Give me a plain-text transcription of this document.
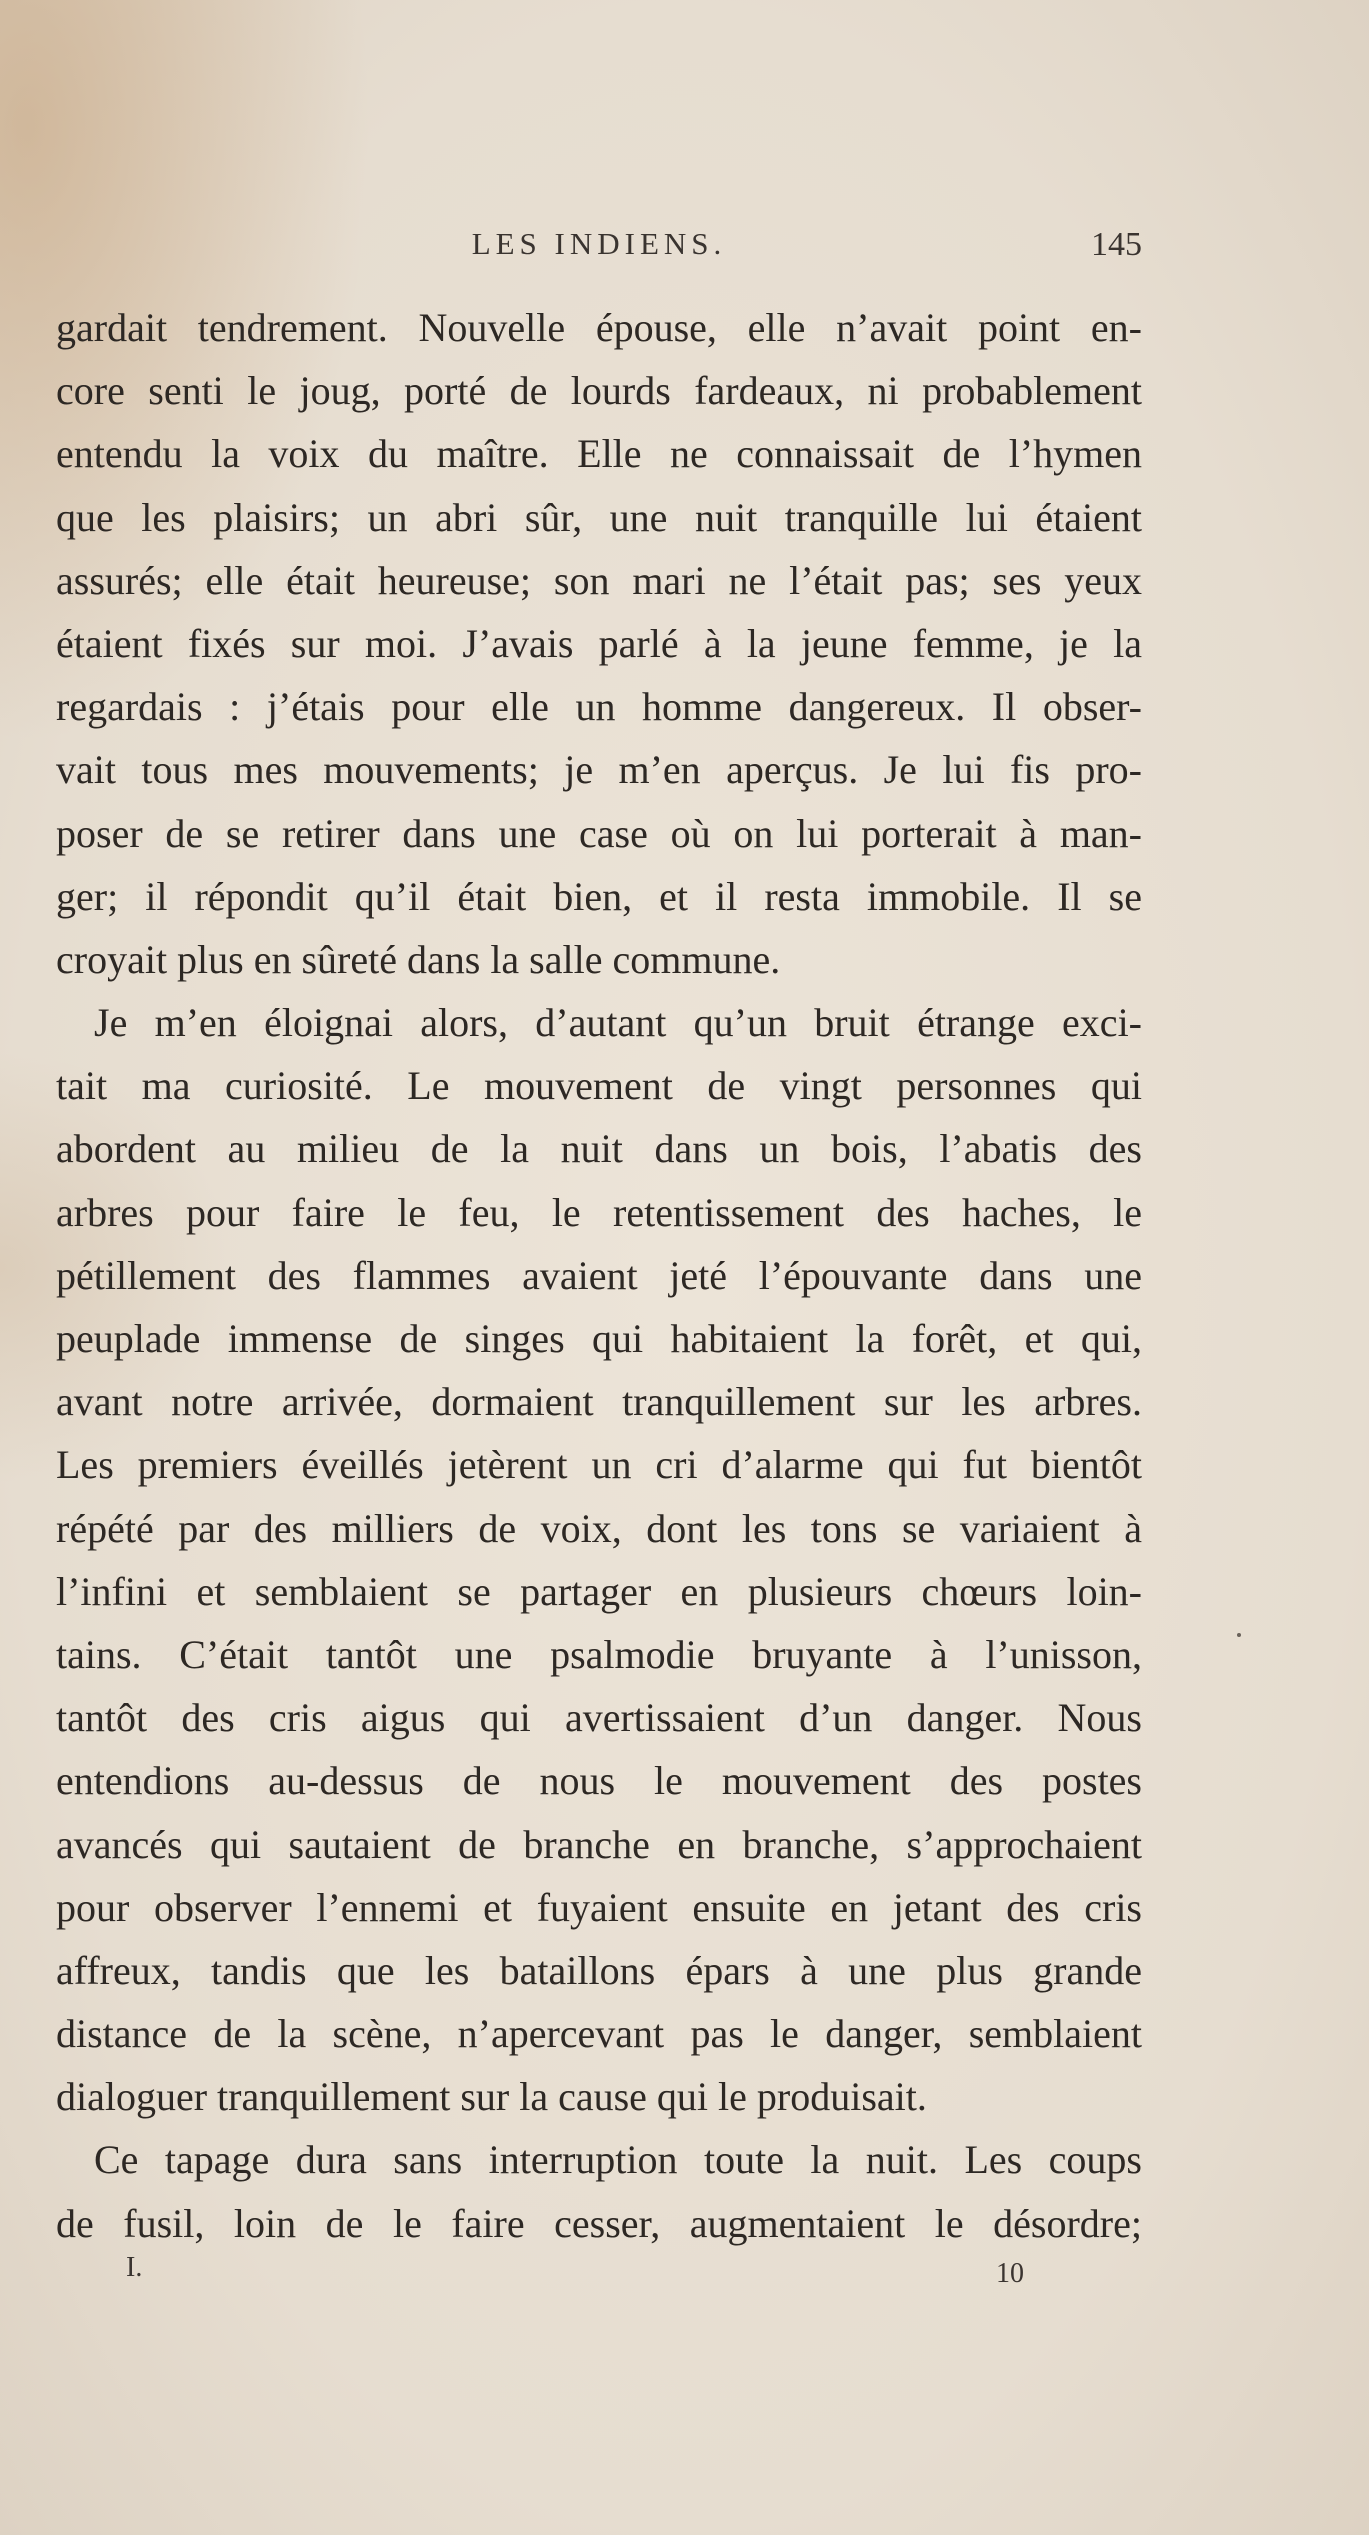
LES INDIENS.	145
gardait tendrement. Nouvelle épouse, elle n’avait point en-
core senti le joug, porté de lourds fardeaux, ni probablement
entendu la voix du maître. Elle ne connaissait de l’hymen
que les plaisirs; un abri sûr, une nuit tranquille lui étaient
assurés; elle était heureuse; son mari ne l’était pas; ses yeux
étaient fixés sur moi. J’avais parlé à la jeune femme, je la
regardais : j’étais pour elle un homme dangereux. Il obser-
vait tous mes mouvements; je m’en aperçus. Je lui fis pro-
poser de se retirer dans une case où on lui porterait à man-
ger; il répondit qu’il était bien, et il resta immobile. Il se
croyait plus en sûreté dans la salle commune.
Je m’en éloignai alors, d’autant qu’un bruit étrange exci-
tait ma curiosité. Le mouvement de vingt personnes qui
abordent au milieu de la nuit dans un bois, l’abatis des
arbres pour faire le feu, le retentissement des haches, le
pétillement des flammes avaient jeté l’épouvante dans une
peuplade immense de singes qui habitaient la forêt, et qui,
avant notre arrivée, dormaient tranquillement sur les arbres.
Les premiers éveillés jetèrent un cri d’alarme qui fut bientôt
répété par des milliers de voix, dont les tons se variaient à
l’infini et semblaient se partager en plusieurs chœurs loin-
tains. C’était tantôt une psalmodie bruyante à l’unisson,
tantôt des cris aigus qui avertissaient d’un danger. Nous
entendions au-dessus de nous le mouvement des postes
avancés qui sautaient de branche en branche, s’approchaient
pour observer l’ennemi et fuyaient ensuite en jetant des cris
affreux, tandis que les bataillons épars à une plus grande
distance de la scène, n’apercevant pas le danger, semblaient
dialoguer tranquillement sur la cause qui le produisait.
Ce tapage dura sans interruption toute la nuit. Les coups
de fusil, loin de le faire cesser, augmentaient le désordre;
I.	10
